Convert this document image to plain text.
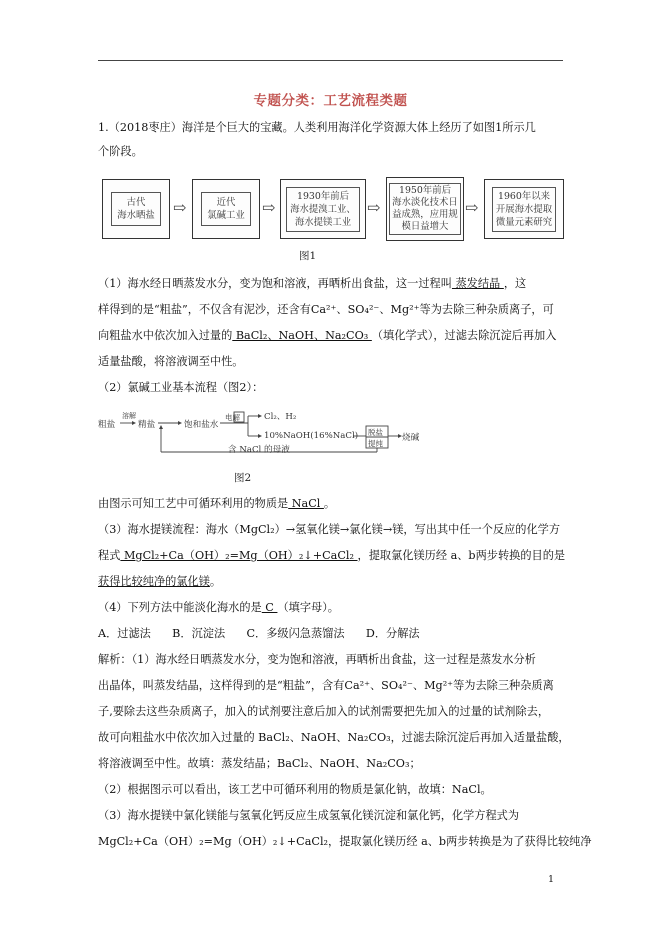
专题分类：工艺流程类题
1.（2018枣庄）海洋是个巨大的宝藏。人类利用海洋化学资源大体上经历了如图1所示几
个阶段。
古代
海水晒盐	⇨	近代
氯碱工业	⇨
1930年前后
海水提溴工业、
海水提镁工业
⇨
1950年前后
海水淡化技术日
益成熟，应用规
模日益增大
⇨
1960年以来
开展海水提取
微量元素研究
图1
（1）海水经日晒蒸发水分，变为饱和溶液，再晒析出食盐，这一过程叫 蒸发结晶 ，这
样得到的是“粗盐”，不仅含有泥沙，还含有Ca²⁺、SO₄²⁻、Mg²⁺等为去除三种杂质离子，可
向粗盐水中依次加入过量的 BaCl₂、NaOH、Na₂CO₃ （填化学式），过滤去除沉淀后再加入
适量盐酸，将溶液调至中性。
（2）氯碱工业基本流程（图2）：
粗盐
溶解
精盐	饱和盐水
电解	Cl₂、H₂
10%NaOH(16%NaCl) 脱盐
提纯
烧碱
含 NaCl 的母液
图2
由图示可知工艺中可循环利用的物质是 NaCl 。
（3）海水提镁流程：海水（MgCl₂）→氢氧化镁→氯化镁→镁，写出其中任一个反应的化学方
程式 MgCl₂+Ca（OH）₂=Mg（OH）₂↓+CaCl₂ ，提取氯化镁历经 a、b两步转换的目的是
获得比较纯净的氯化镁。
（4）下列方法中能淡化海水的是 C （填字母）。
A．过滤法      B．沉淀法      C．多级闪急蒸馏法      D．分解法
解析：（1）海水经日晒蒸发水分，变为饱和溶液，再晒析出食盐，这一过程是蒸发水分析
出晶体，叫蒸发结晶，这样得到的是“粗盐”，含有Ca²⁺、SO₄²⁻、Mg²⁺等为去除三种杂质离
子,要除去这些杂质离子，加入的试剂要注意后加入的试剂需要把先加入的过量的试剂除去，
故可向粗盐水中依次加入过量的 BaCl₂、NaOH、Na₂CO₃，过滤去除沉淀后再加入适量盐酸，
将溶液调至中性。故填：蒸发结晶；BaCl₂、NaOH、Na₂CO₃；
（2）根据图示可以看出，该工艺中可循环利用的物质是氯化钠，故填：NaCl。
（3）海水提镁中氯化镁能与氢氧化钙反应生成氢氧化镁沉淀和氯化钙，化学方程式为
MgCl₂+Ca（OH）₂=Mg（OH）₂↓+CaCl₂，提取氯化镁历经 a、b两步转换是为了获得比较纯净
1
